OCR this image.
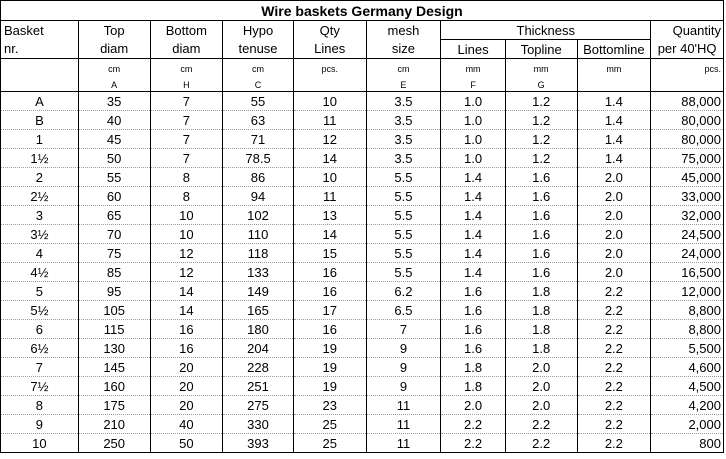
Wire baskets Germany Design									
Basket	Top	Bottom	Hypo	Qty	mesh	Thickness			Quantity
nr.	diam	diam	tenuse	Lines	size	Lines	Topline	Bottomline	per 40'HQ
	cm	cm	cm	pcs.	cm	mm	mm	mm	pcs.
	A	H	C		E	F	G		
A	35	7	55	10	3.5	1.0	1.2	1.4	88,000
B	40	7	63	11	3.5	1.0	1.2	1.4	80,000
1	45	7	71	12	3.5	1.0	1.2	1.4	80,000
1½	50	7	78.5	14	3.5	1.0	1.2	1.4	75,000
2	55	8	86	10	5.5	1.4	1.6	2.0	45,000
2½	60	8	94	11	5.5	1.4	1.6	2.0	33,000
3	65	10	102	13	5.5	1.4	1.6	2.0	32,000
3½	70	10	110	14	5.5	1.4	1.6	2.0	24,500
4	75	12	118	15	5.5	1.4	1.6	2.0	24,000
4½	85	12	133	16	5.5	1.4	1.6	2.0	16,500
5	95	14	149	16	6.2	1.6	1.8	2.2	12,000
5½	105	14	165	17	6.5	1.6	1.8	2.2	8,800
6	115	16	180	16	7	1.6	1.8	2.2	8,800
6½	130	16	204	19	9	1.6	1.8	2.2	5,500
7	145	20	228	19	9	1.8	2.0	2.2	4,600
7½	160	20	251	19	9	1.8	2.0	2.2	4,500
8	175	20	275	23	11	2.0	2.0	2.2	4,200
9	210	40	330	25	11	2.2	2.2	2.2	2,000
10	250	50	393	25	11	2.2	2.2	2.2	800
